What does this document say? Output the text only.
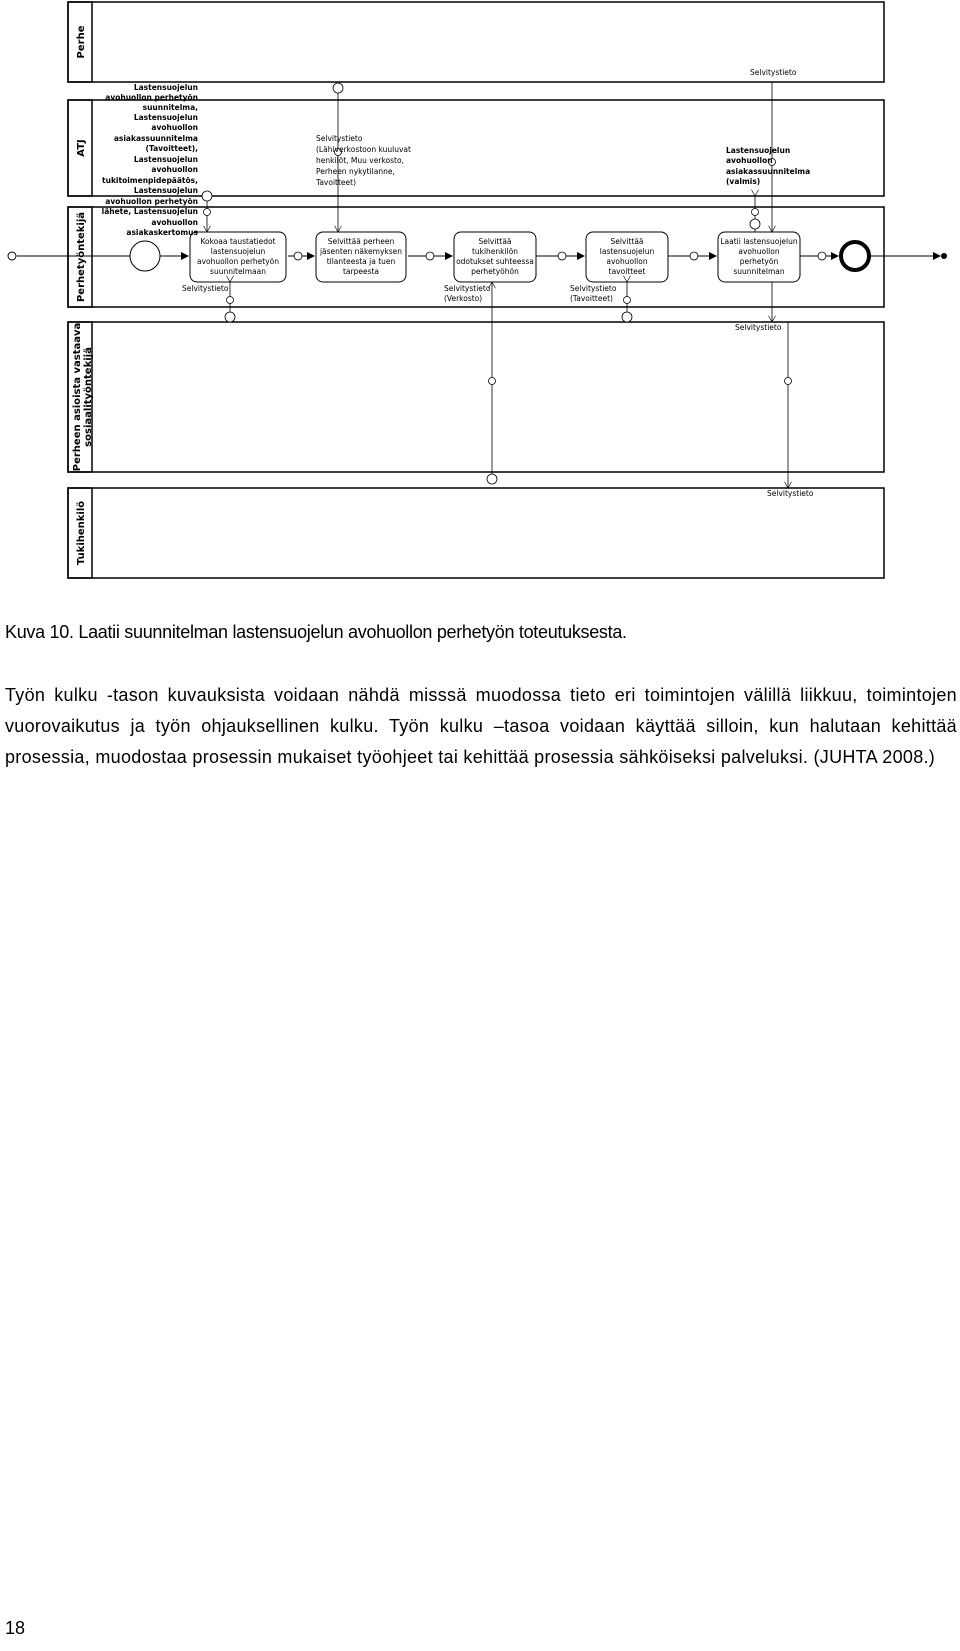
Perhe
ATJ
Perhetyöntekijä
Perheen asioista vastaava sosiaalityöntekijä
Tukihenkilö
Kokoaa taustatiedot
lastensuojelun
avohuollon perhetyön
suunnitelmaan
Selvittää perheen
jäsenten näkemyksen
tilanteesta ja tuen
tarpeesta
Selvittää
tukihenkilön
odotukset suhteessa
perhetyöhön
Selvittää
lastensuojelun
avohuollon
tavoitteet
Laatii lastensuojelun
avohuollon
perhetyön
suunnitelman
Lastensuojelun
avohuollon perhetyön
suunnitelma,
Lastensuojelun
avohuollon
asiakassuunnitelma
(Tavoitteet),
Lastensuojelun
avohuollon
tukitoimenpidepäätös,
Lastensuojelun
avohuollon perhetyön
lähete, Lastensuojelun
avohuollon
asiakaskertomus
Selvitystieto
(Lähiverkostoon kuuluvat
henkilöt, Muu verkosto,
Perheen nykytilanne,
Tavoitteet)
Selvitystieto
Selvitystieto	Selvitystieto
(Verkosto)
Selvitystieto
(Tavoitteet)
Lastensuojelun
avohuollon
asiakassuunnitelma
(valmis)
Selvitystieto
Selvitystieto
Kuva 10. Laatii suunnitelman lastensuojelun avohuollon perhetyön toteutuksesta.

Työn kulku -tason kuvauksista voidaan nähdä misssä muodossa tieto eri toimintojen välillä liikkuu, toimintojen vuorovaikutus ja työn ohjauksellinen kulku. Työn kulku –tasoa voidaan käyttää silloin, kun halutaan kehittää prosessia, muodostaa prosessin mukaiset työohjeet tai kehittää prosessia sähköiseksi palveluksi. (JUHTA 2008.)

18
